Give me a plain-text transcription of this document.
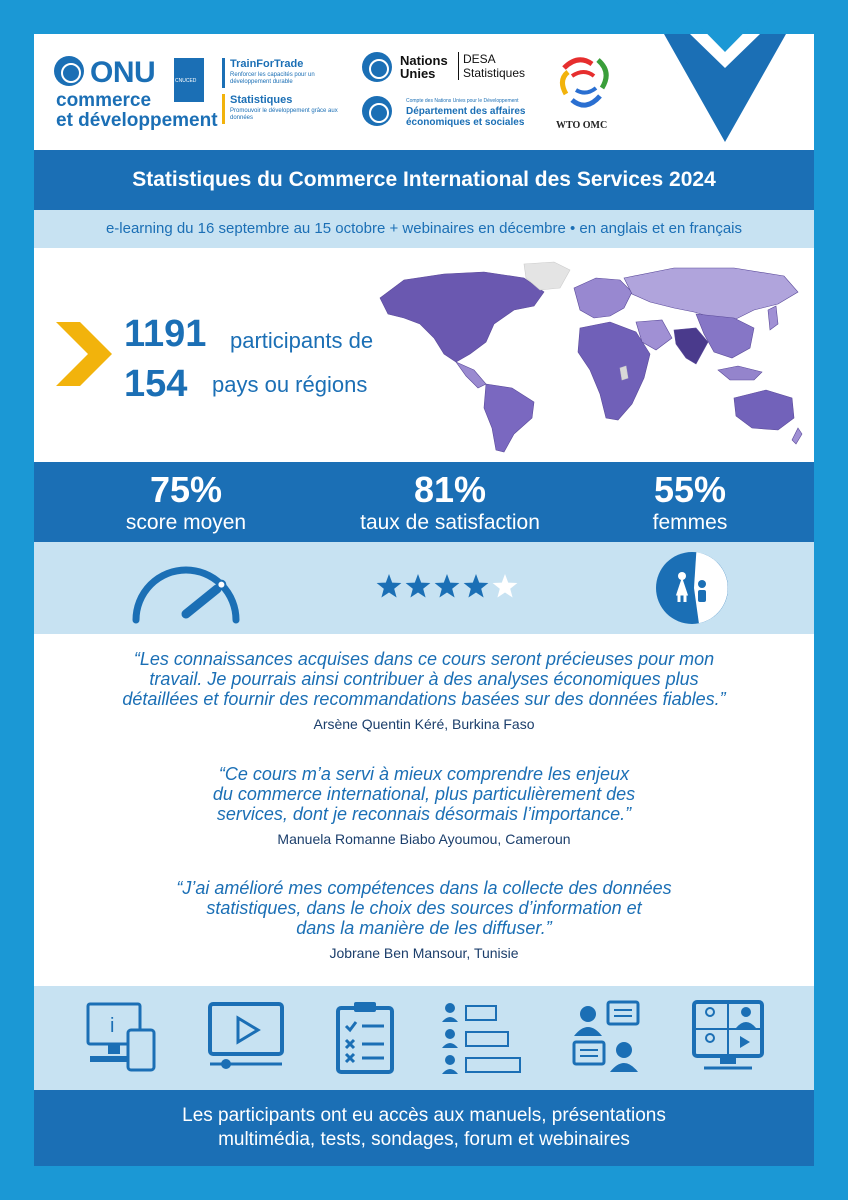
ONU	CNUCED
commerce
et développement
TrainForTrade
Renforcer les capacités pour un développement durable
Statistiques
Promouvoir le développement grâce aux données
Nations Unies
DESA Statistiques
Compte des Nations Unies pour le Développement
Département des affaires économiques et sociales	WTO OMC
Statistiques du Commerce International des Services 2024
e-learning du 16 septembre au 15 octobre + webinaires en décembre • en anglais et en français
1191 participants de
154 pays ou régions
75%
score moyen
81%
taux de satisfaction
55%
femmes
“Les connaissances acquises dans ce cours seront précieuses pour mon
travail. Je pourrais ainsi contribuer à des analyses économiques plus
détaillées et fournir des recommandations basées sur des données fiables.”
Arsène Quentin Kéré, Burkina Faso
“Ce cours m’a servi à mieux comprendre les enjeux
du commerce international, plus particulièrement des
services, dont je reconnais désormais l’importance.”
Manuela Romanne Biabo Ayoumou, Cameroun
“J’ai amélioré mes compétences dans la collecte des données
statistiques, dans le choix des sources d’information et
dans la manière de les diffuser.”
Jobrane Ben Mansour, Tunisie
i
Les participants ont eu accès aux manuels, présentations
multimédia, tests, sondages, forum et webinaires
